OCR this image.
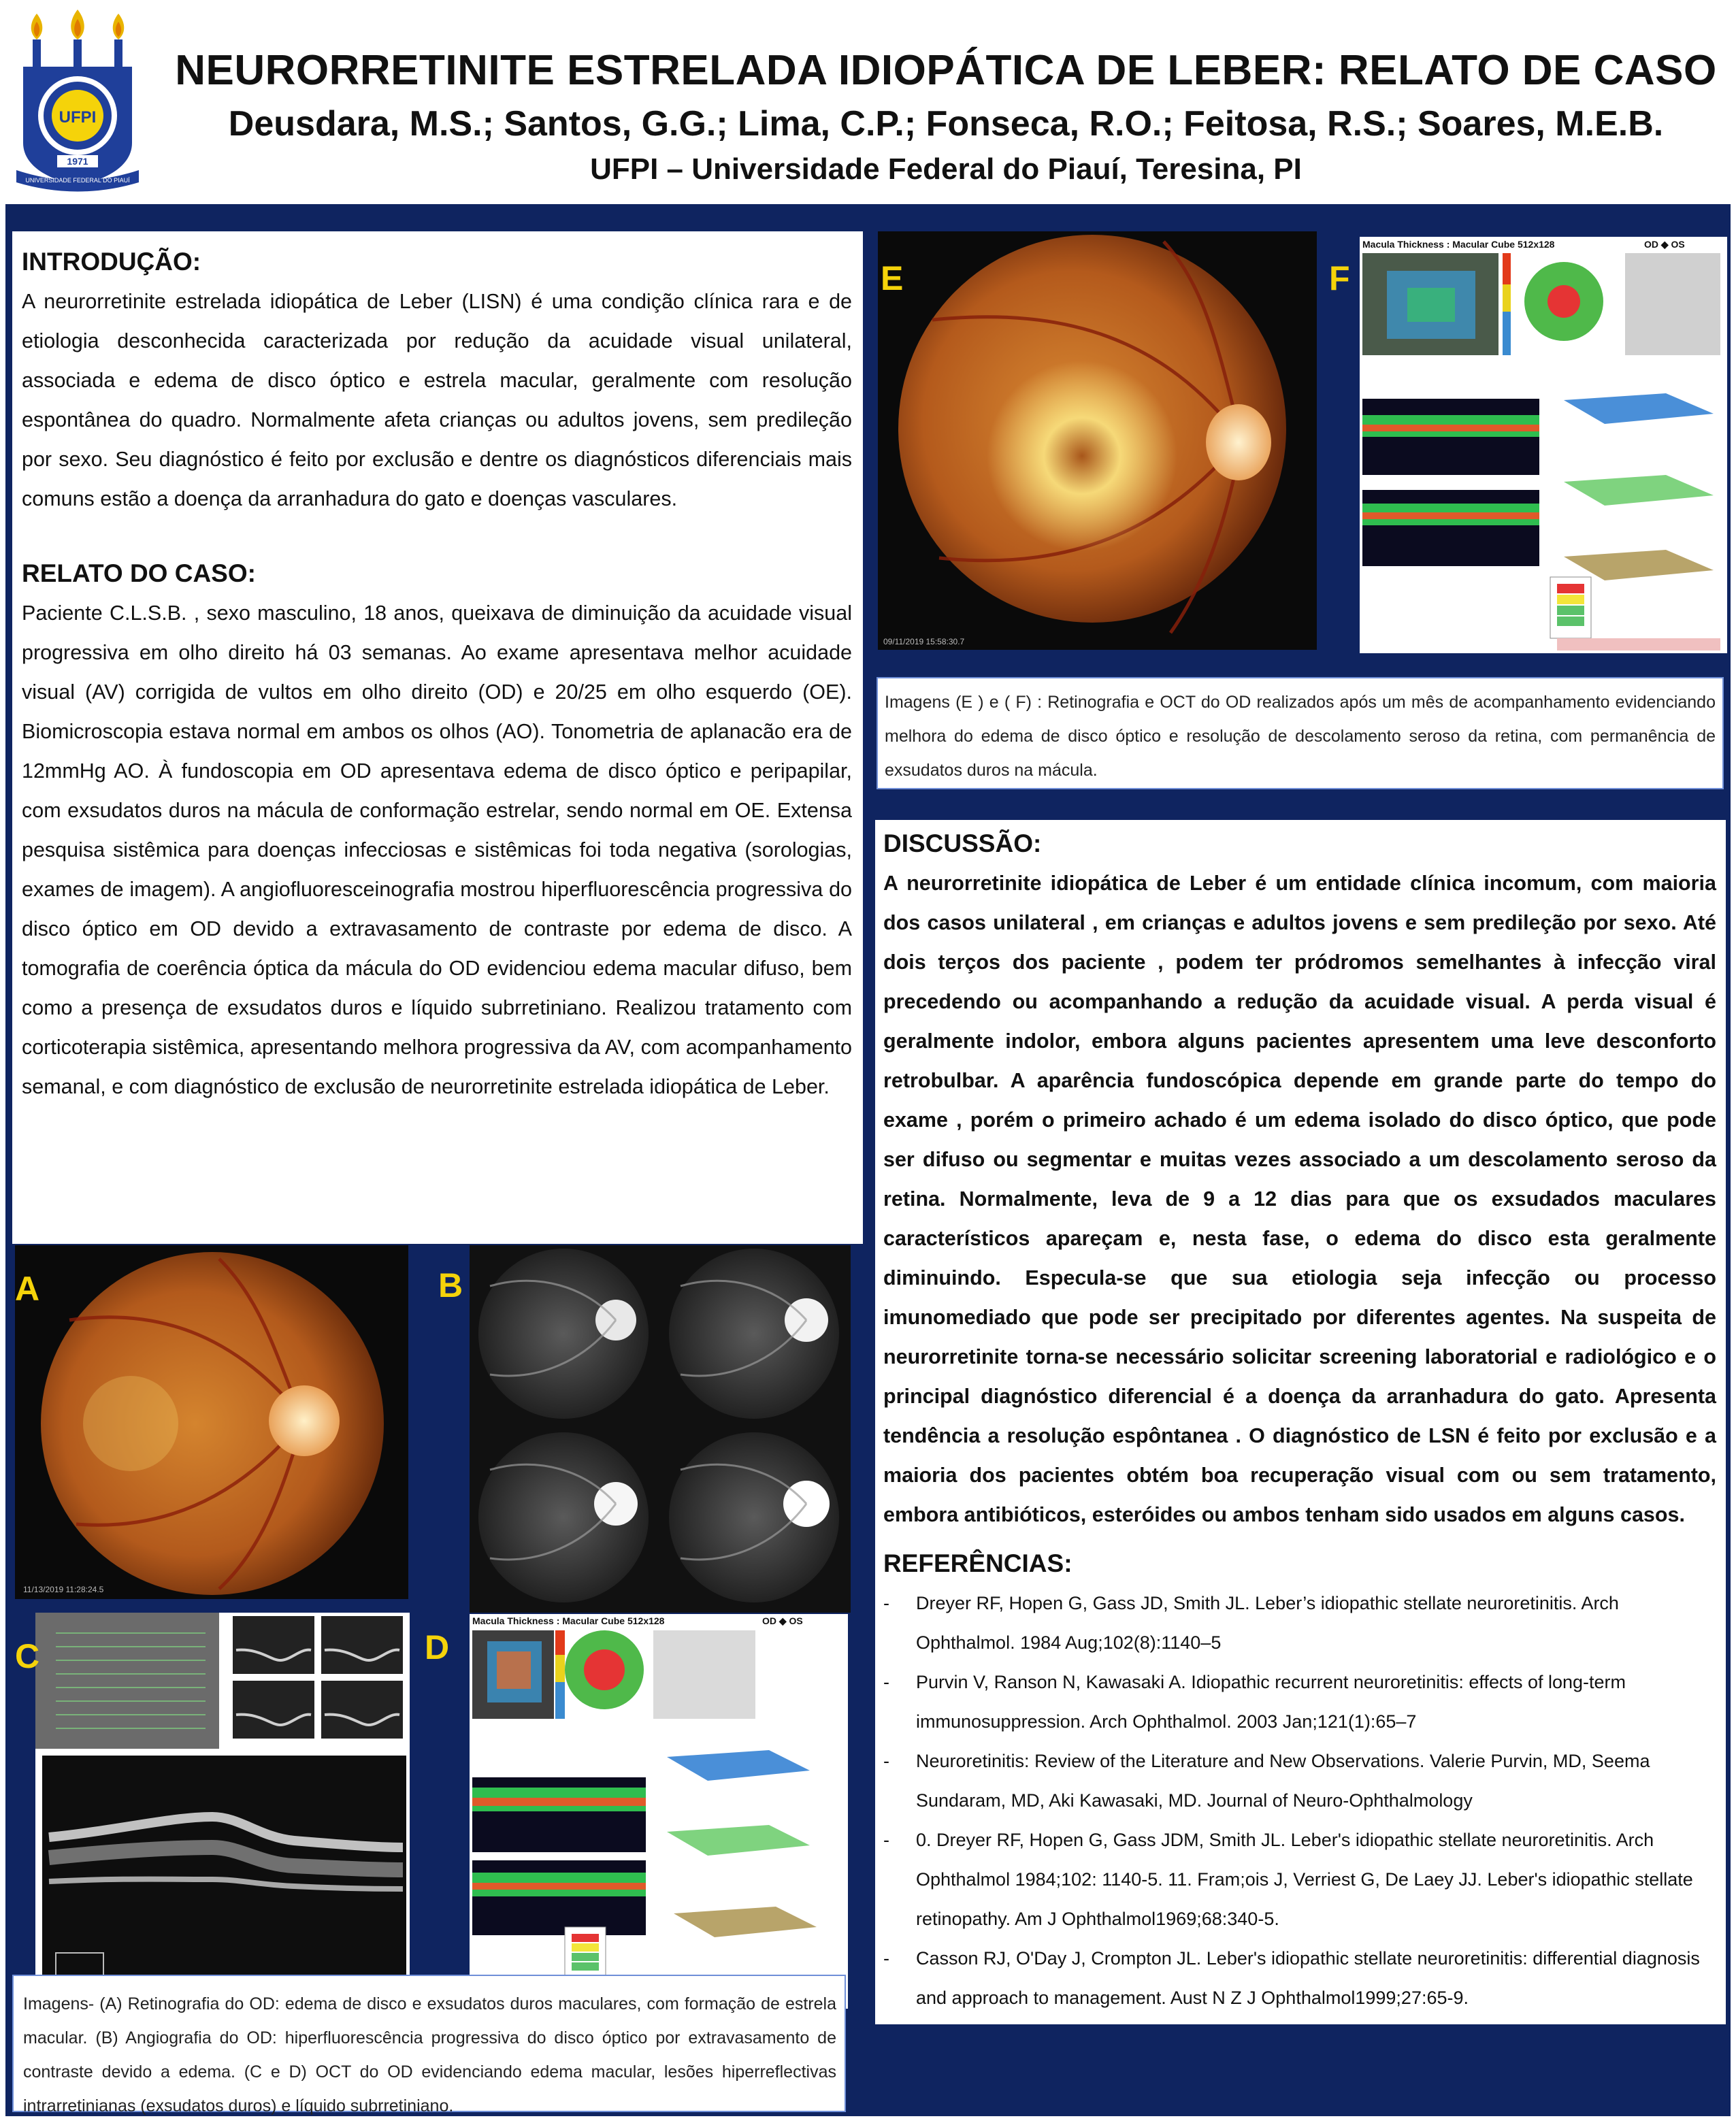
UFPI
1971
UNIVERSIDADE FEDERAL DO PIAUÍ
NEURORRETINITE ESTRELADA IDIOPÁTICA DE LEBER: RELATO DE CASO
Deusdara, M.S.; Santos, G.G.; Lima, C.P.; Fonseca, R.O.; Feitosa, R.S.; Soares, M.E.B.
UFPI – Universidade Federal do Piauí, Teresina, PI
INTRODUÇÃO:
A neurorretinite estrelada idiopática de Leber (LISN) é uma condição clínica rara e de etiologia desconhecida caracterizada por redução da acuidade visual unilateral, associada e edema de disco óptico e estrela macular, geralmente com resolução espontânea do quadro. Normalmente afeta crianças ou adultos jovens, sem predileção por sexo. Seu diagnóstico é feito por exclusão e dentre os diagnósticos diferenciais mais comuns estão a doença da arranhadura do gato e doenças vasculares.
RELATO DO CASO:
Paciente C.L.S.B. , sexo masculino, 18 anos, queixava de diminuição da acuidade visual progressiva em olho direito há 03 semanas. Ao exame apresentava melhor acuidade visual (AV) corrigida de vultos em olho direito (OD) e 20/25 em olho esquerdo (OE). Biomicroscopia estava normal em ambos os olhos (AO). Tonometria de aplanacão era de 12mmHg AO. À fundoscopia em OD apresentava edema de disco óptico e peripapilar, com exsudatos duros na mácula de conformação estrelar, sendo normal em OE. Extensa pesquisa sistêmica para doenças infecciosas e sistêmicas foi toda negativa (sorologias, exames de imagem). A angiofluoresceinografia mostrou hiperfluorescência progressiva do disco óptico em OD devido a extravasamento de contraste por edema de disco. A tomografia de coerência óptica da mácula do OD evidenciou edema macular difuso, bem como a presença de exsudatos duros e líquido subrretiniano. Realizou tratamento com corticoterapia sistêmica, apresentando melhora progressiva da AV, com acompanhamento semanal, e com diagnóstico de exclusão de neurorretinite estrelada idiopática de Leber.
11/13/2019 11:28:24.5
A	B
C
Macula Thickness : Macular Cube 512x128	OD ◆ OS
D
Imagens- (A) Retinografia do OD: edema de disco e exsudatos duros maculares, com formação de estrela macular. (B) Angiografia do OD: hiperfluorescência progressiva do disco óptico por extravasamento de contraste devido a edema. (C e D) OCT do OD evidenciando edema macular, lesões hiperreflectivas intrarretinianas (exsudatos duros) e líquido subrretiniano.
09/11/2019 15:58:30.7
E
Macula Thickness : Macular Cube 512x128	OD ◆ OS
F
Imagens (E ) e ( F) : Retinografia e OCT do OD realizados após um mês de acompanhamento evidenciando melhora do edema de disco óptico e resolução de descolamento seroso da retina, com permanência de exsudatos duros na mácula.
DISCUSSÃO:
A neurorretinite idiopática de Leber é um entidade clínica incomum, com maioria dos casos unilateral , em crianças e adultos jovens e sem predileção por sexo. Até dois terços dos paciente , podem ter pródromos semelhantes à infecção viral precedendo ou acompanhando a redução da acuidade visual. A perda visual é geralmente indolor, embora alguns pacientes apresentem uma leve desconforto retrobulbar. A aparência fundoscópica depende em grande parte do tempo do exame , porém o primeiro achado é um edema isolado do disco óptico, que pode ser difuso ou segmentar e muitas vezes associado a um descolamento seroso da retina. Normalmente, leva de 9 a 12 dias para que os exsudados maculares característicos apareçam e, nesta fase, o edema do disco esta geralmente diminuindo. Especula-se que sua etiologia seja infecção ou processo imunomediado que pode ser precipitado por diferentes agentes. Na suspeita de neurorretinite torna-se necessário solicitar screening laboratorial e radiológico e o principal diagnóstico diferencial é a doença da arranhadura do gato. Apresenta tendência a resolução espôntanea . O diagnóstico de LSN é feito por exclusão e a maioria dos pacientes obtém boa recuperação visual com ou sem tratamento, embora antibióticos, esteróides ou ambos tenham sido usados em alguns casos.
REFERÊNCIAS:
- Dreyer RF, Hopen G, Gass JD, Smith JL. Leber’s idiopathic stellate neuroretinitis. Arch Ophthalmol. 1984 Aug;102(8):1140–5
- Purvin V, Ranson N, Kawasaki A. Idiopathic recurrent neuroretinitis: effects of long-term immunosuppression. Arch Ophthalmol. 2003 Jan;121(1):65–7
- Neuroretinitis: Review of the Literature and New Observations. Valerie Purvin, MD, Seema Sundaram, MD, Aki Kawasaki, MD. Journal of Neuro-Ophthalmology
- 0. Dreyer RF, Hopen G, Gass JDM, Smith JL. Leber's idiopathic stellate neuroretinitis. Arch Ophthalmol 1984;102: 1140-5. 11. Fram;ois J, Verriest G, De Laey JJ. Leber's idiopathic stellate retinopathy. Am J Ophthalmol1969;68:340-5.
- Casson RJ, O'Day J, Crompton JL. Leber's idiopathic stellate neuroretinitis: differential diagnosis and approach to management. Aust N Z J Ophthalmol1999;27:65-9.
